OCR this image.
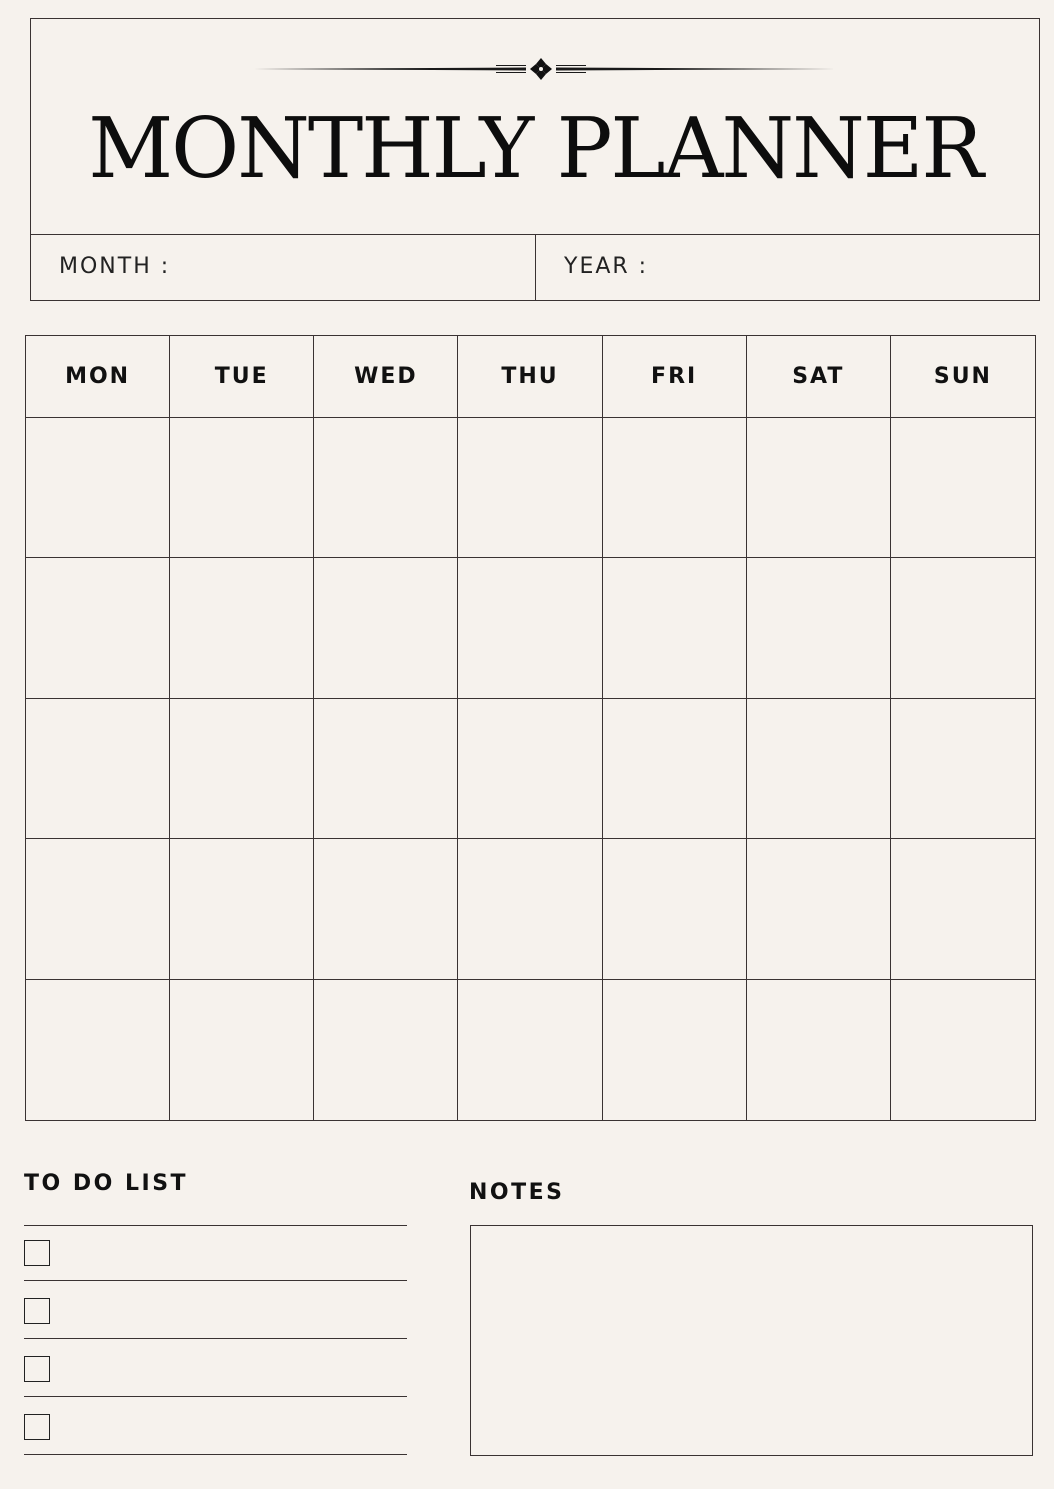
MONTHLY PLANNER
MONTH :	YEAR :
MON	TUE	WED	THU	FRI	SAT	SUN
TO DO LIST	NOTES
